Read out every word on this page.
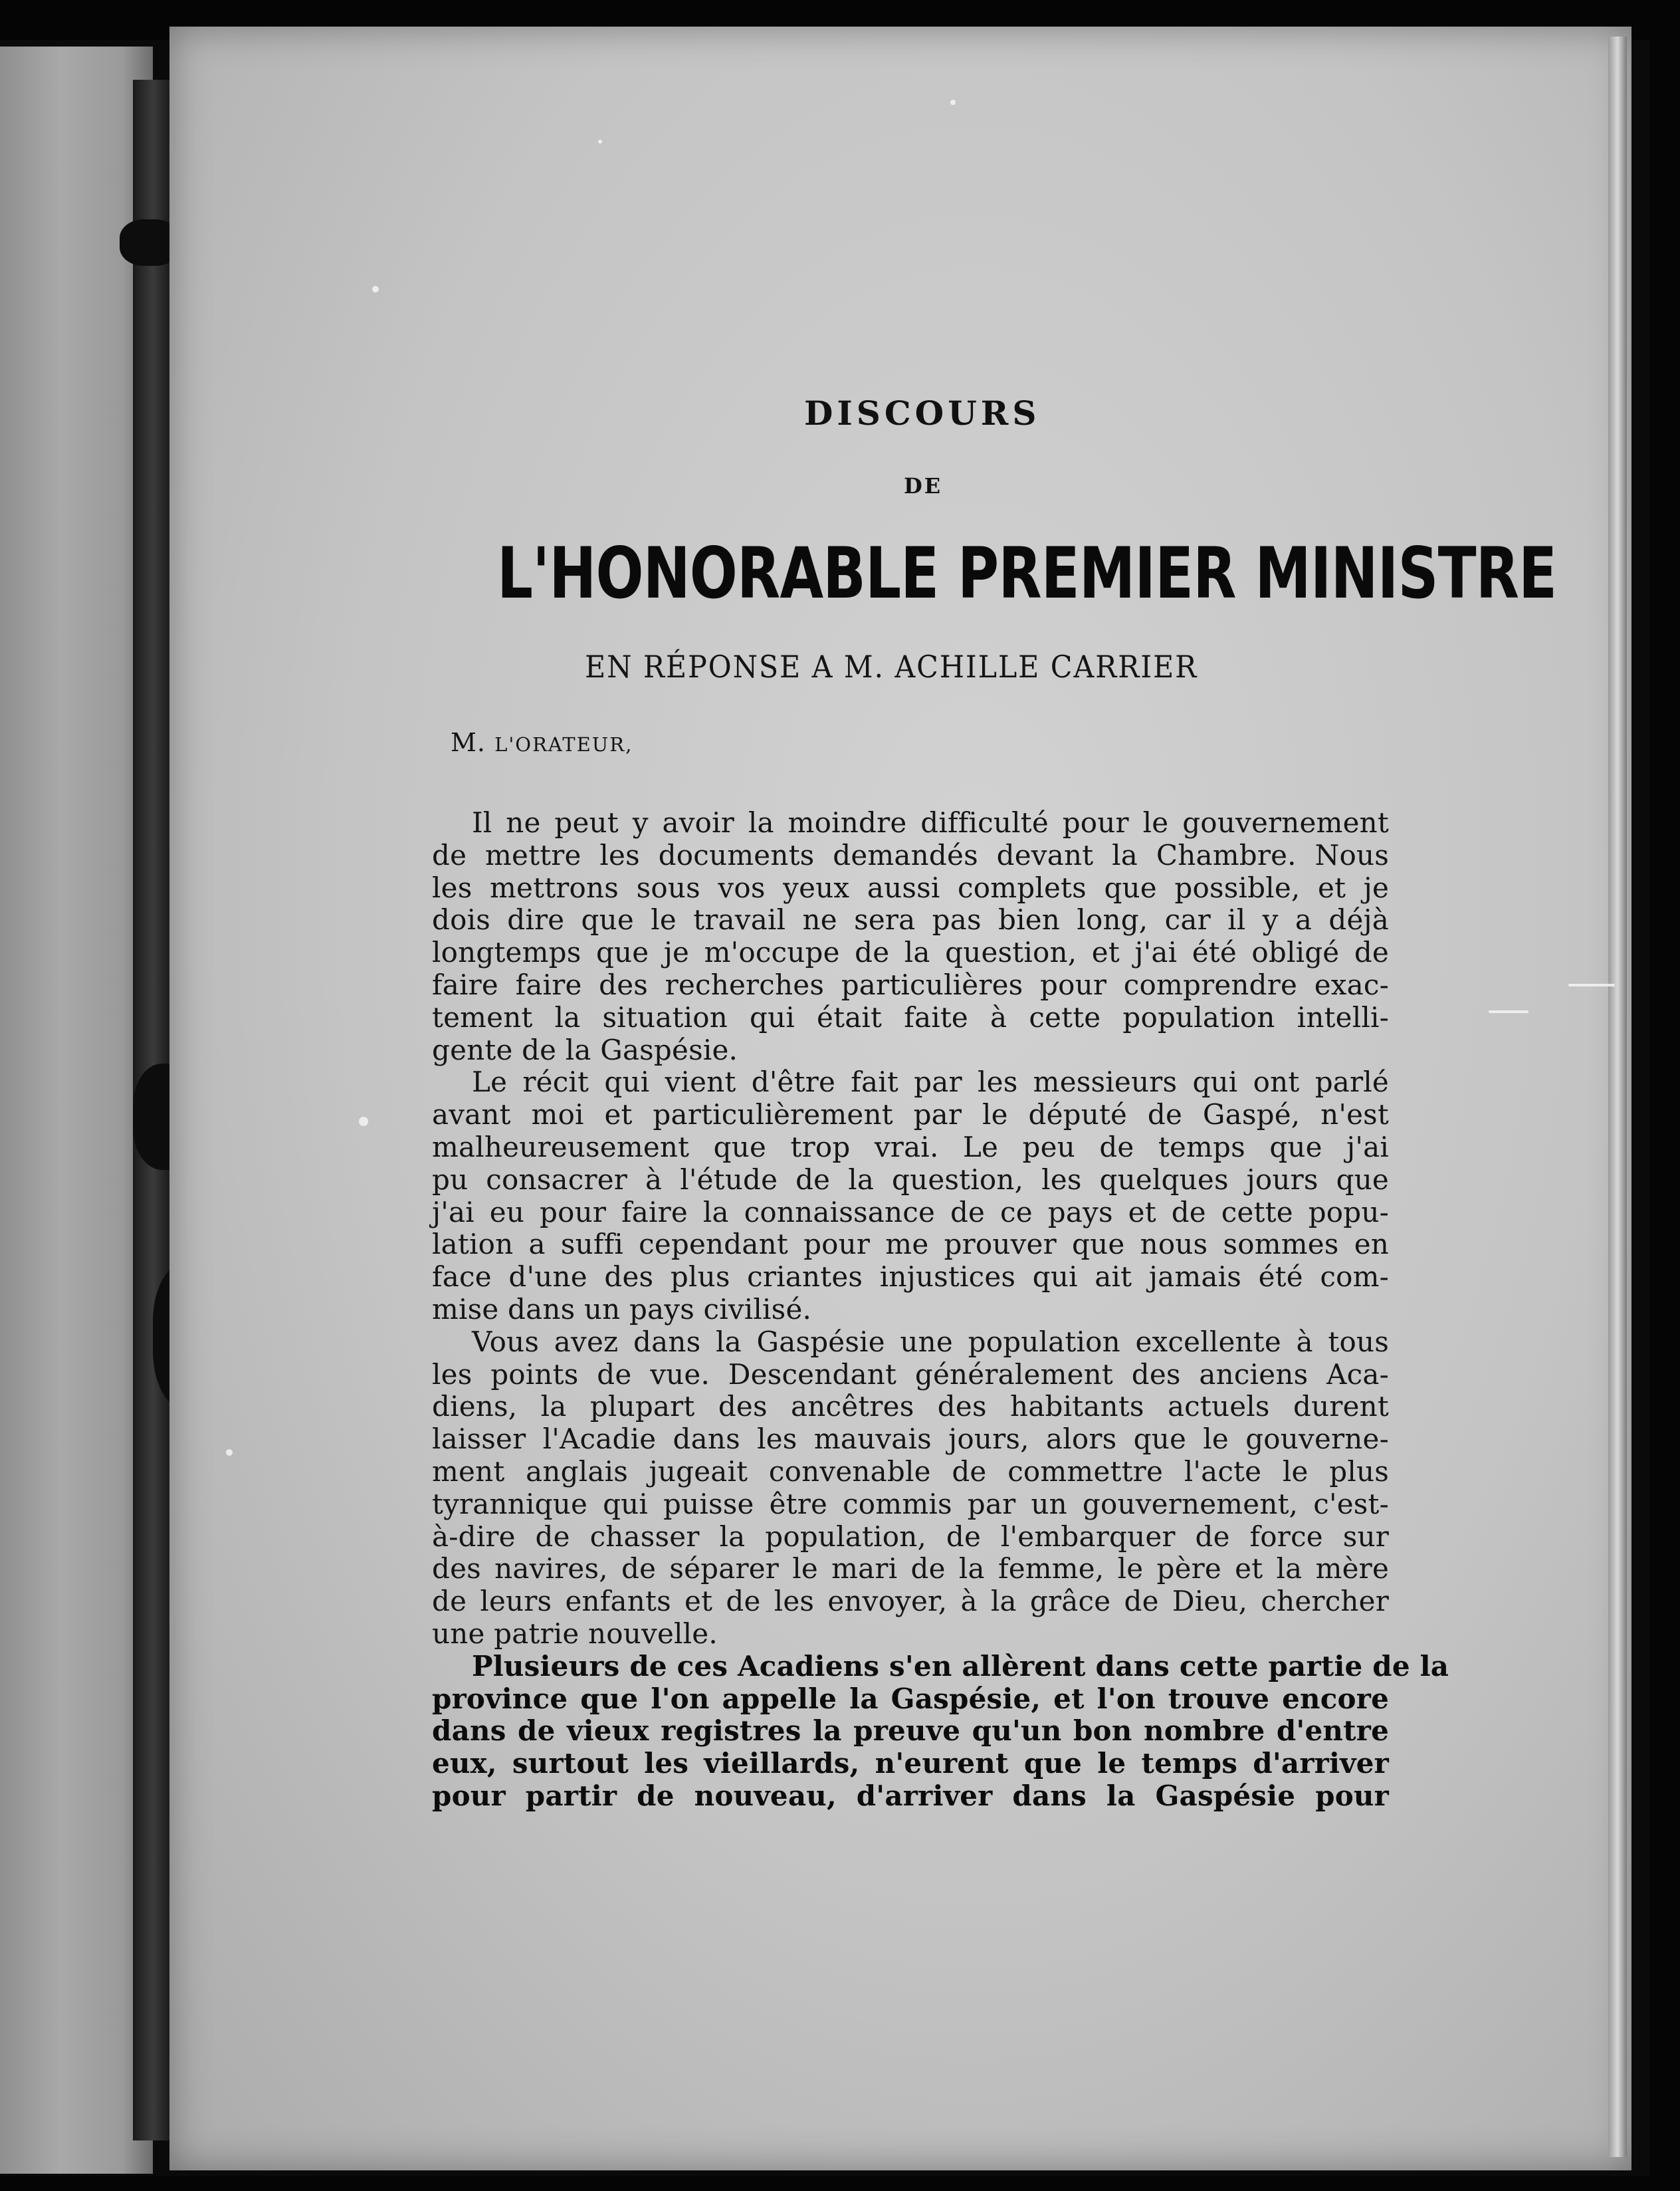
DISCOURS
DE
L'HONORABLE PREMIER MINISTRE
EN RÉPONSE A M. ACHILLE CARRIER
M. L'ORATEUR,
Il ne peut y avoir la moindre difficulté pour le gouvernement
de mettre les documents demandés devant la Chambre. Nous
les mettrons sous vos yeux aussi complets que possible, et je
dois dire que le travail ne sera pas bien long, car il y a déjà
longtemps que je m'occupe de la question, et j'ai été obligé de
faire faire des recherches particulières pour comprendre exac-
tement la situation qui était faite à cette population intelli-
gente de la Gaspésie.
Le récit qui vient d'être fait par les messieurs qui ont parlé
avant moi et particulièrement par le député de Gaspé, n'est
malheureusement que trop vrai. Le peu de temps que j'ai
pu consacrer à l'étude de la question, les quelques jours que
j'ai eu pour faire la connaissance de ce pays et de cette popu-
lation a suffi cependant pour me prouver que nous sommes en
face d'une des plus criantes injustices qui ait jamais été com-
mise dans un pays civilisé.
Vous avez dans la Gaspésie une population excellente à tous
les points de vue. Descendant généralement des anciens Aca-
diens, la plupart des ancêtres des habitants actuels durent
laisser l'Acadie dans les mauvais jours, alors que le gouverne-
ment anglais jugeait convenable de commettre l'acte le plus
tyrannique qui puisse être commis par un gouvernement, c'est-
à-dire de chasser la population, de l'embarquer de force sur
des navires, de séparer le mari de la femme, le père et la mère
de leurs enfants et de les envoyer, à la grâce de Dieu, chercher
une patrie nouvelle.
Plusieurs de ces Acadiens s'en allèrent dans cette partie de la
province que l'on appelle la Gaspésie, et l'on trouve encore
dans de vieux registres la preuve qu'un bon nombre d'entre
eux, surtout les vieillards, n'eurent que le temps d'arriver
pour partir de nouveau, d'arriver dans la Gaspésie pour
